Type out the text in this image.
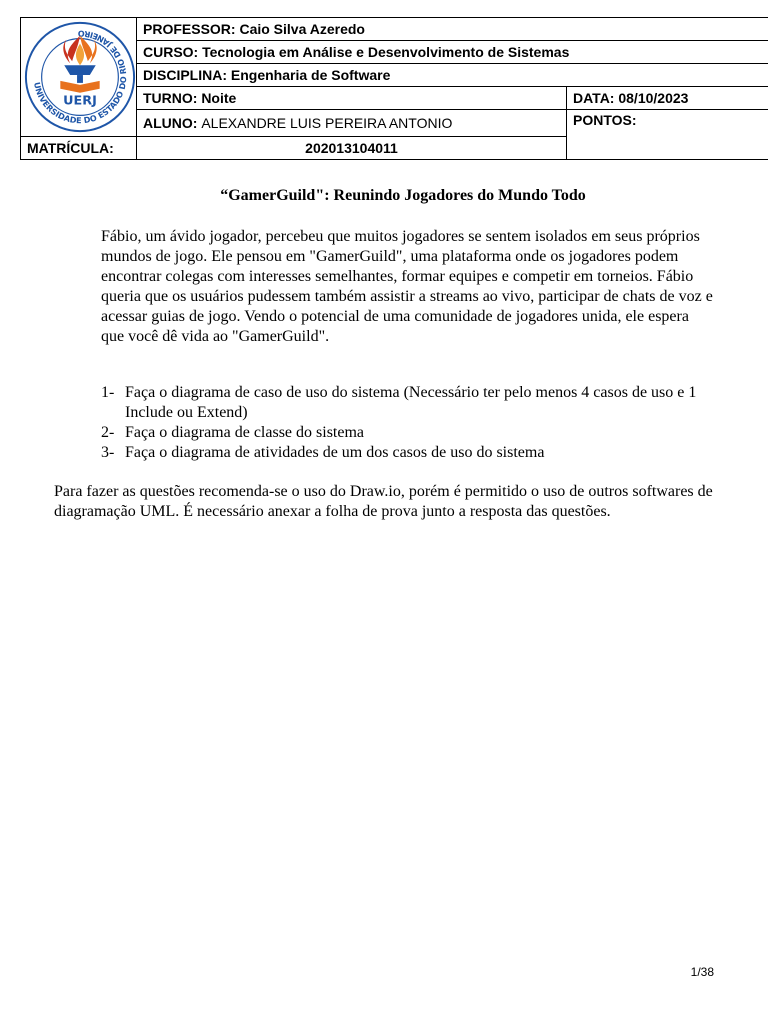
UNIVERSIDADE DO ESTADO DO RIO DE JANEIRO
UERJ	PROFESSOR: Caio Silva Azeredo	
	CURSO: Tecnologia em Análise e Desenvolvimento de Sistemas	
	DISCIPLINA: Engenharia de Software	
	TURNO: Noite	DATA: 08/10/2023
	ALUNO: ALEXANDRE LUIS PEREIRA ANTONIO	PONTOS:
MATRÍCULA:	202013104011	
“GamerGuild": Reunindo Jogadores do Mundo Todo

Fábio, um ávido jogador, percebeu que muitos jogadores se sentem isolados em seus próprios mundos de jogo. Ele pensou em "GamerGuild", uma plataforma onde os jogadores podem encontrar colegas com interesses semelhantes, formar equipes e competir em torneios. Fábio queria que os usuários pudessem também assistir a streams ao vivo, participar de chats de voz e acessar guias de jogo. Vendo o potencial de uma comunidade de jogadores unida, ele espera que você dê vida ao "GamerGuild".

1- Faça o diagrama de caso de uso do sistema (Necessário ter pelo menos 4 casos de uso e 1 Include ou Extend)
2- Faça o diagrama de classe do sistema
3- Faça o diagrama de atividades de um dos casos de uso do sistema

Para fazer as questões recomenda-se o uso do Draw.io, porém é permitido o uso de outros softwares de diagramação UML. É necessário anexar a folha de prova junto a resposta das questões.

1/38
